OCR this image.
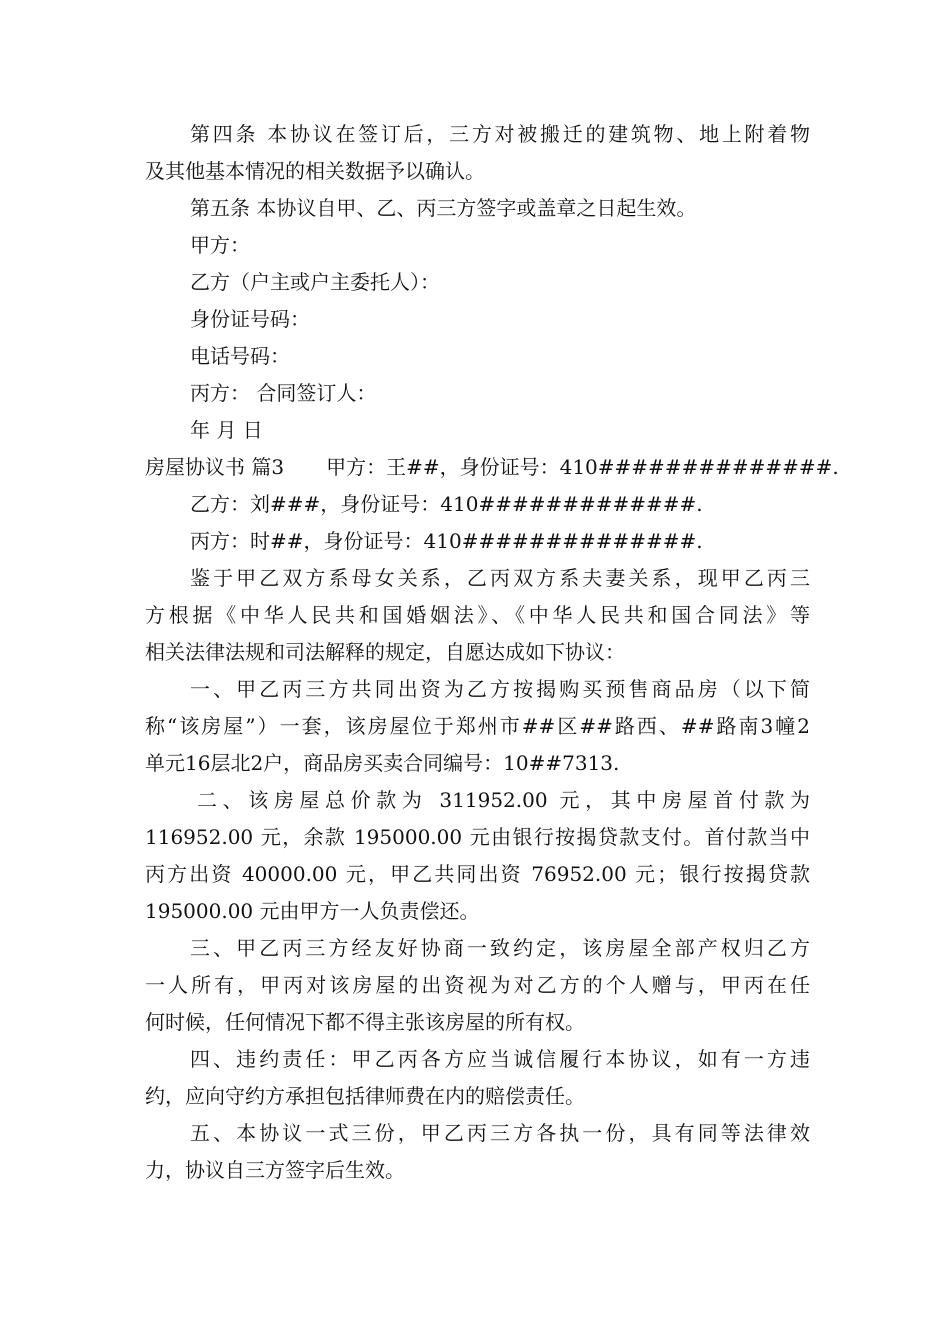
第四条 本协议在签订后，三方对被搬迁的建筑物、地上附着物
及其他基本情况的相关数据予以确认。
第五条 本协议自甲、乙、丙三方签字或盖章之日起生效。
甲方：
乙方（户主或户主委托人）：
身份证号码：
电话号码：
丙方： 合同签订人：
年 月 日
房屋协议书 篇3 甲方：王##，身份证号：410##############.
乙方：刘###，身份证号：410#############.
丙方：时##，身份证号：410##############.
鉴于甲乙双方系母女关系，乙丙双方系夫妻关系，现甲乙丙三
方根据《中华人民共和国婚姻法》、《中华人民共和国合同法》等
相关法律法规和司法解释的规定，自愿达成如下协议：
一、甲乙丙三方共同出资为乙方按揭购买预售商品房（以下简
称“该房屋”）一套，该房屋位于郑州市##区##路西、##路南3幢2
单元16层北2户，商品房买卖合同编号：10##7313.
二、该房屋总价款为 311952.00 元，其中房屋首付款为
116952.00 元，余款 195000.00 元由银行按揭贷款支付。首付款当中
丙方出资 40000.00 元，甲乙共同出资 76952.00 元；银行按揭贷款
195000.00 元由甲方一人负责偿还。
三、甲乙丙三方经友好协商一致约定，该房屋全部产权归乙方
一人所有，甲丙对该房屋的出资视为对乙方的个人赠与，甲丙在任
何时候，任何情况下都不得主张该房屋的所有权。
四、违约责任：甲乙丙各方应当诚信履行本协议，如有一方违
约，应向守约方承担包括律师费在内的赔偿责任。
五、本协议一式三份，甲乙丙三方各执一份，具有同等法律效
力，协议自三方签字后生效。
